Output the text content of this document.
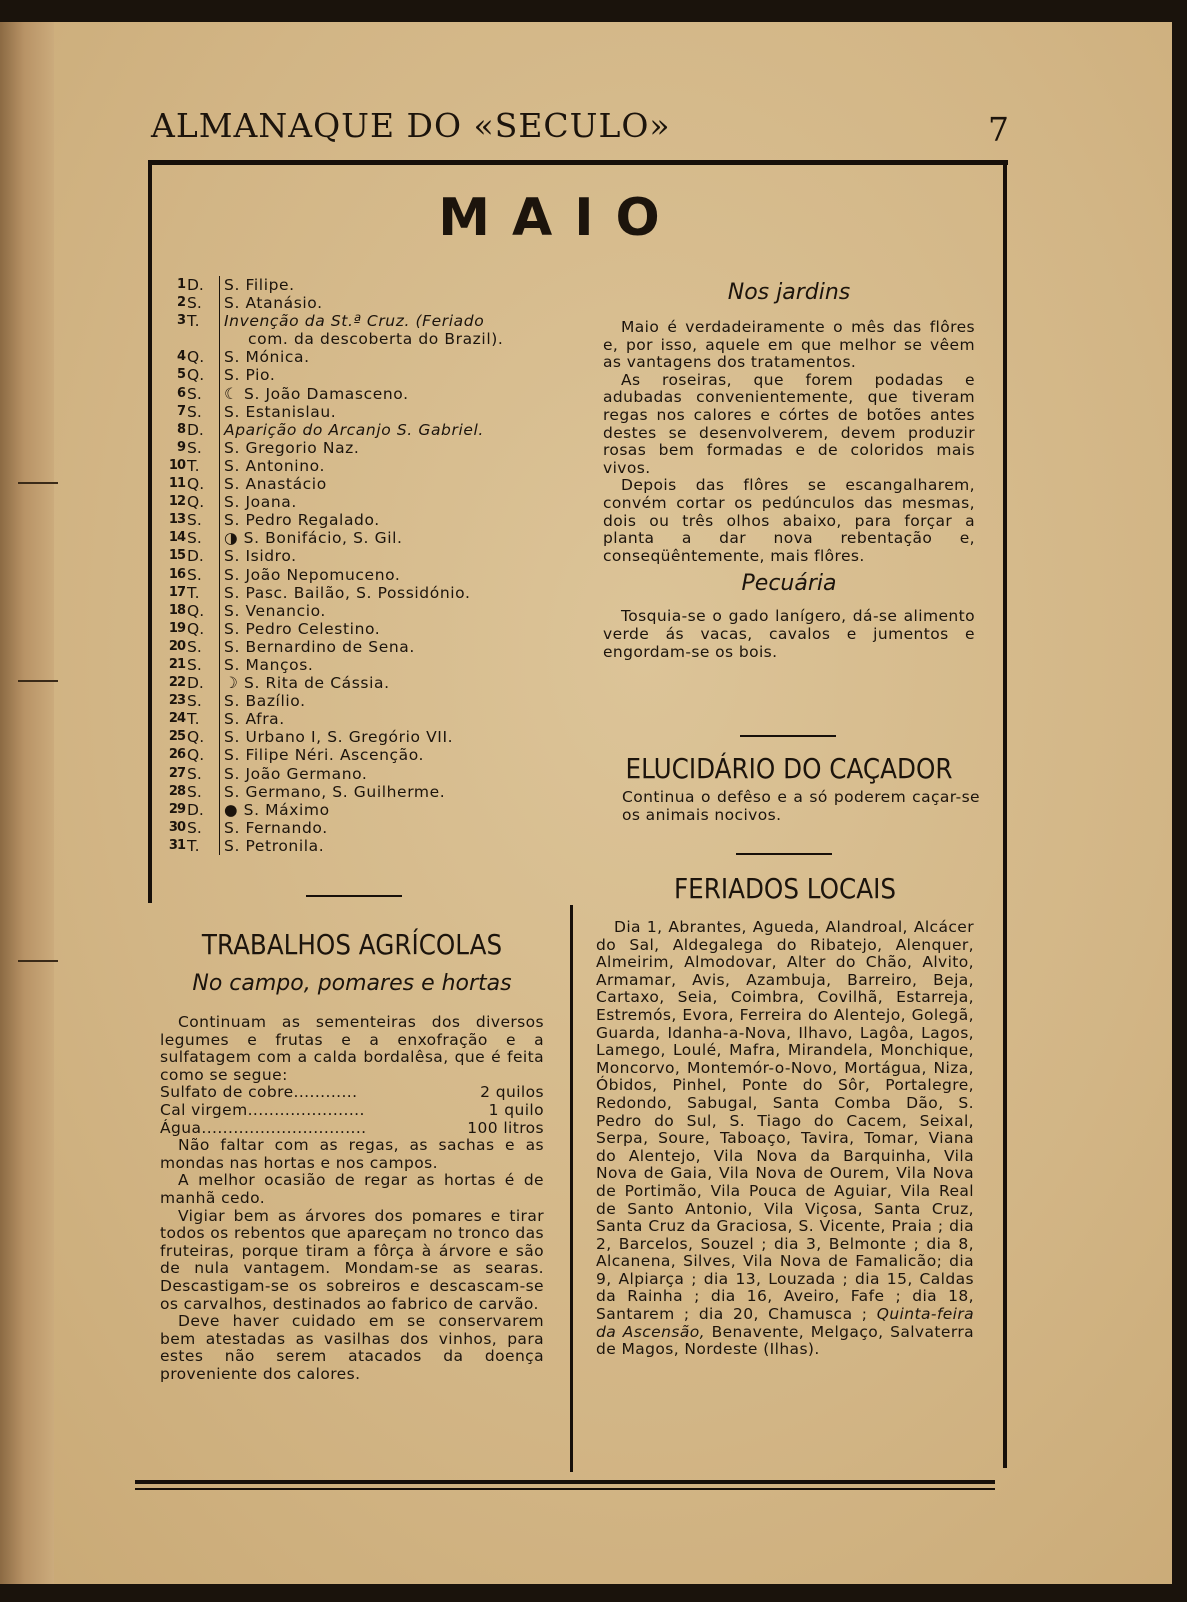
ALMANAQUE DO «SECULO»	7
MAIO
1 D.	S. Filipe.
2 S.	S. Atanásio.
3 T.	Invenção da St.ª Cruz. (Feriado
com. da descoberta do Brazil).
4 Q.	S. Mónica.
5 Q.	S. Pio.
6 S.	☾ S. João Damasceno.
7 S.	S. Estanislau.
8 D.	Aparição do Arcanjo S. Gabriel.
9 S.	S. Gregorio Naz.
10 T.	S. Antonino.
11 Q.	S. Anastácio
12 Q.	S. Joana.
13 S.	S. Pedro Regalado.
14 S.	◑ S. Bonifácio, S. Gil.
15 D.	S. Isidro.
16 S.	S. João Nepomuceno.
17 T.	S. Pasc. Bailão, S. Possidónio.
18 Q.	S. Venancio.
19 Q.	S. Pedro Celestino.
20 S.	S. Bernardino de Sena.
21 S.	S. Manços.
22 D.	☽ S. Rita de Cássia.
23 S.	S. Bazílio.
24 T.	S. Afra.
25 Q.	S. Urbano I, S. Gregório VII.
26 Q.	S. Filipe Néri. Ascenção.
27 S.	S. João Germano.
28 S.	S. Germano, S. Guilherme.
29 D.	● S. Máximo
30 S.	S. Fernando.
31 T.	S. Petronila.
Nos jardins
Maio é verdadeiramente o mês das flôres e, por isso, aquele em que melhor se vêem as vantagens dos tratamentos.
As roseiras, que forem podadas e adubadas convenientemente, que tiveram regas nos calores e córtes de botões antes destes se desenvolverem, devem produzir rosas bem formadas e de coloridos mais vivos.
Depois das flôres se escangalharem, convém cortar os pedúnculos das mesmas, dois ou três olhos abaixo, para forçar a planta a dar nova rebentação e, conseqüêntemente, mais flôres.
Pecuária
Tosquia-se o gado lanígero, dá-se alimento verde ás vacas, cavalos e jumentos e engordam-se os bois.
ELUCIDÁRIO DO CAÇADOR
Continua o defêso e a só poderem caçar-se os animais nocivos.
FERIADOS LOCAIS
Dia 1, Abrantes, Agueda, Alandroal, Alcácer do Sal, Aldegalega do Ribatejo, Alenquer, Almeirim, Almodovar, Alter do Chão, Alvito, Armamar, Avis, Azambuja, Barreiro, Beja, Cartaxo, Seia, Coimbra, Covilhã, Estarreja, Estremós, Evora, Ferreira do Alentejo, Golegã, Guarda, Idanha-a-Nova, Ilhavo, Lagôa, Lagos, Lamego, Loulé, Mafra, Mirandela, Monchique, Moncorvo, Montemór-o-Novo, Mortágua, Niza, Óbidos, Pinhel, Ponte do Sôr, Portalegre, Redondo, Sabugal, Santa Comba Dão, S. Pedro do Sul, S. Tiago do Cacem, Seixal, Serpa, Soure, Taboaço, Tavira, Tomar, Viana do Alentejo, Vila Nova da Barquinha, Vila Nova de Gaia, Vila Nova de Ourem, Vila Nova de Portimão, Vila Pouca de Aguiar, Vila Real de Santo Antonio, Vila Viçosa, Santa Cruz, Santa Cruz da Graciosa, S. Vicente, Praia ; dia 2, Barcelos, Souzel ; dia 3, Belmonte ; dia 8, Alcanena, Silves, Vila Nova de Famalicão; dia 9, Alpiarça ; dia 13, Louzada ; dia 15, Caldas da Rainha ; dia 16, Aveiro, Fafe ; dia 18, Santarem ; dia 20, Chamusca ; Quinta-feira da Ascensão, Benavente, Melgaço, Salvaterra de Magos, Nordeste (Ilhas).
TRABALHOS AGRÍCOLAS
No campo, pomares e hortas
Continuam as sementeiras dos diversos legumes e frutas e a enxofração e a sulfatagem com a calda bordalêsa, que é feita como se segue:
Sulfato de cobre............	2 quilos
Cal virgem......................	1 quilo
Água...............................	100 litros
Não faltar com as regas, as sachas e as mondas nas hortas e nos campos.
A melhor ocasião de regar as hortas é de manhã cedo.
Vigiar bem as árvores dos pomares e tirar todos os rebentos que apareçam no tronco das fruteiras, porque tiram a fôrça à árvore e são de nula vantagem. Mondam-se as searas. Descastigam-se os sobreiros e descascam-se os carvalhos, destinados ao fabrico de carvão.
Deve haver cuidado em se conservarem bem atestadas as vasilhas dos vinhos, para estes não serem atacados da doença proveniente dos calores.
